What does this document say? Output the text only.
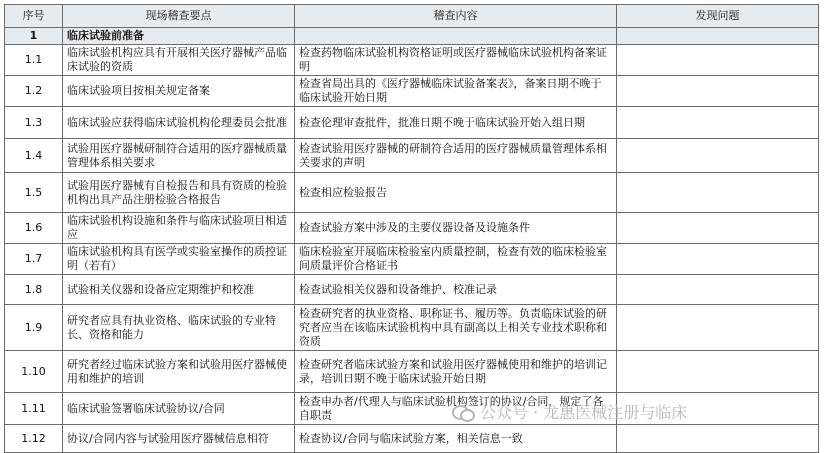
序号	现场稽查要点	稽查内容	发现问题
1	临床试验前准备		
1.1	临床试验机构应具有开展相关医疗器械产品临床试验的资质	检查药物临床试验机构资格证明或医疗器械临床试验机构备案证明	
1.2	临床试验项目按相关规定备案	检查省局出具的《医疗器械临床试验备案表》，备案日期不晚于临床试验开始日期	
1.3	临床试验应获得临床试验机构伦理委员会批准	检查伦理审查批件，批准日期不晚于临床试验开始入组日期	
1.4	试验用医疗器械研制符合适用的医疗器械质量管理体系相关要求	检查试验用医疗器械的研制符合适用的医疗器械质量管理体系相关要求的声明	
1.5	试验用医疗器械有自检报告和具有资质的检验机构出具产品注册检验合格报告	检查相应检验报告	
1.6	临床试验机构设施和条件与临床试验项目相适应	检查试验方案中涉及的主要仪器设备及设施条件	
1.7	临床试验机构具有医学或实验室操作的质控证明（若有）	临床检验室开展临床检验室内质量控制，检查有效的临床检验室间质量评价合格证书	
1.8	试验相关仪器和设备应定期维护和校准	检查试验相关仪器和设备维护、校准记录	
1.9	研究者应具有执业资格、临床试验的专业特长、资格和能力	检查研究者的执业资格、职称证书、履历等。负责临床试验的研究者应当在该临床试验机构中具有副高以上相关专业技术职称和资质	
1.10	研究者经过临床试验方案和试验用医疗器械使用和维护的培训	检查研究者临床试验方案和试验用医疗器械使用和维护的培训记录，培训日期不晚于临床试验开始日期	
1.11	临床试验签署临床试验协议/合同	检查申办者/代理人与临床试验机构签订的协议/合同，规定了各自职责	
1.12	协议/合同内容与试验用医疗器械信息相符	检查协议/合同与临床试验方案，相关信息一致	
公众号 · 龙惠医械注册与临床
